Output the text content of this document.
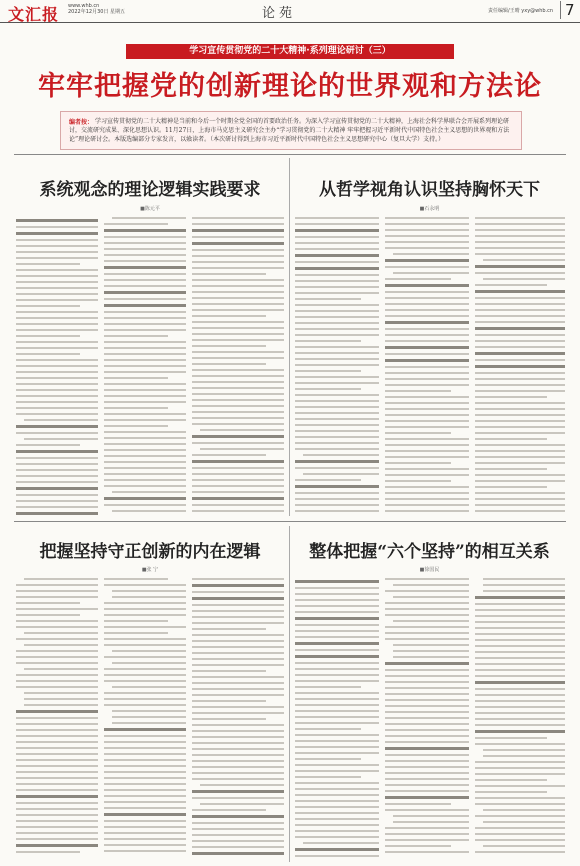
文汇报 www.whb.cn
2022年12月30日 星期五	论苑	责任编辑/王晴 yxy@whb.cn 7
学习宣传贯彻党的二十大精神·系列理论研讨（三）
牢牢把握党的创新理论的世界观和方法论
编者按： 学习宣传贯彻党的二十大精神是当前和今后一个时期全党全国的首要政治任务。为深入学习宣传贯彻党的二十大精神，上海社会科学界联合会开展系列理论研讨，交流研究成果、深化思想认识。11月27日，上海市马克思主义研究会主办“学习贯彻党的二十大精神 牢牢把握习近平新时代中国特色社会主义思想的世界观和方法论”理论研讨会。本版选编部分专家发言，以飨读者。（本次研讨得到上海市习近平新时代中国特色社会主义思想研究中心（复旦大学）支持。）
系统观念的理论逻辑实践要求
■陈元平
从哲学视角认识坚持胸怀天下
■石永明
把握坚持守正创新的内在逻辑
■张 宁
整体把握“六个坚持”的相互关系
■徐国民
